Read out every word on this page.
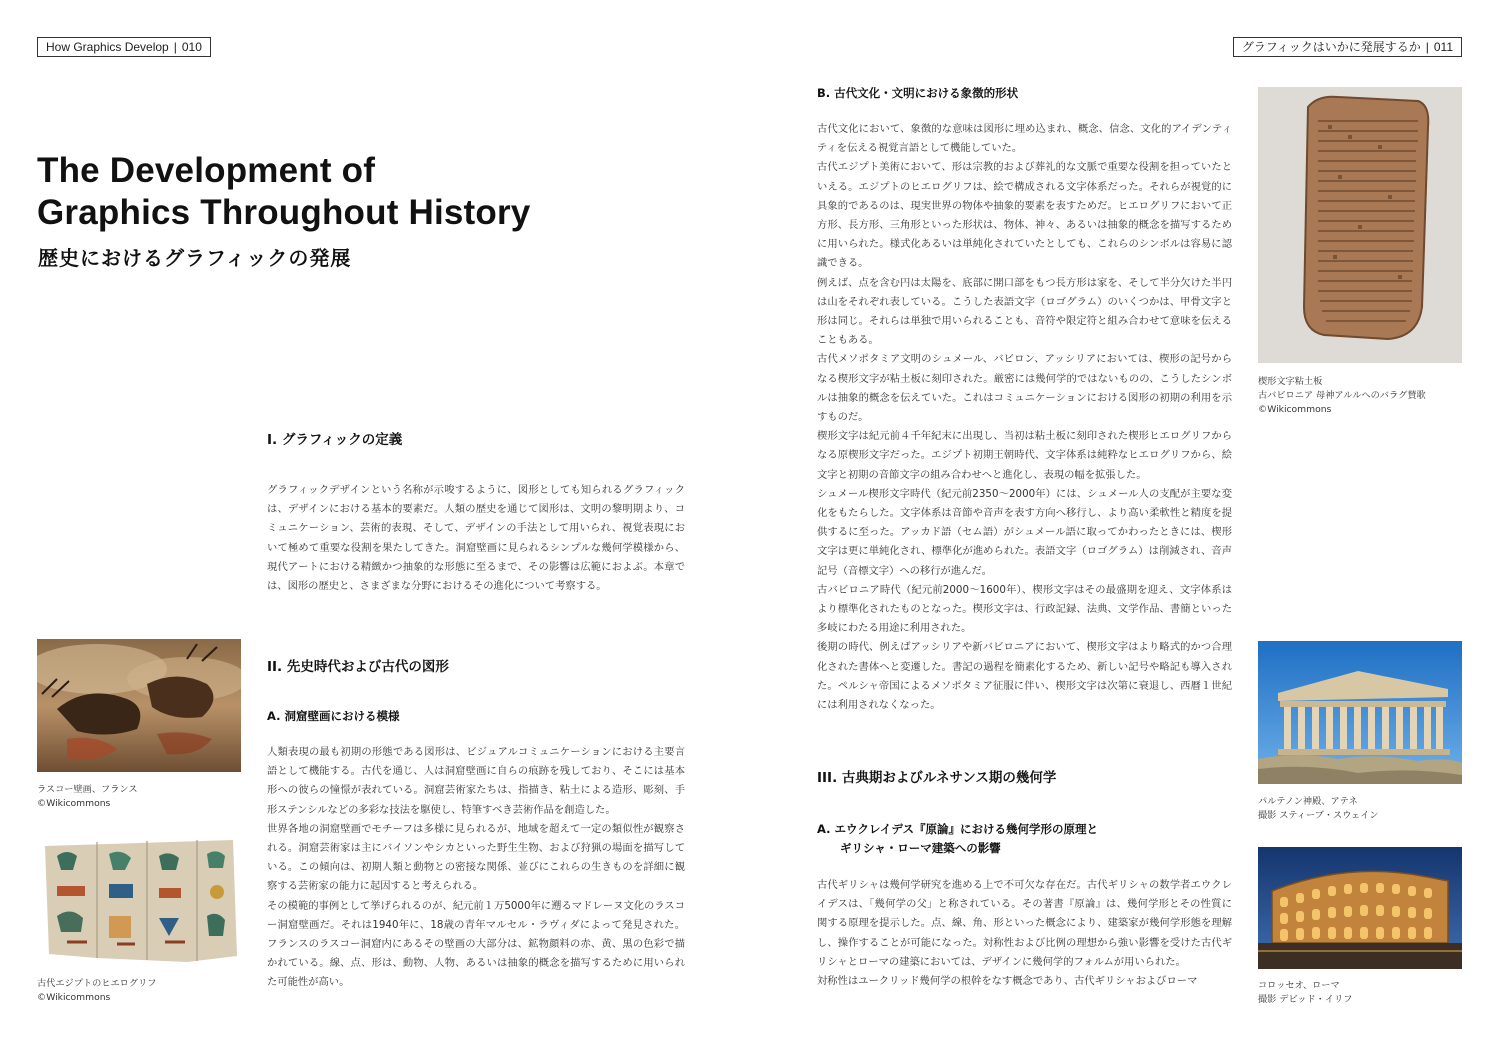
How Graphics Develop | 010
The Development of
Graphics Throughout History
歴史におけるグラフィックの発展
I. グラフィックの定義

グラフィックデザインという名称が示唆するように、図形としても知られるグラフィックは、デザインにおける基本的要素だ。人類の歴史を通じて図形は、文明の黎明期より、コミュニケーション、芸術的表現、そして、デザインの手法として用いられ、視覚表現において極めて重要な役割を果たしてきた。洞窟壁画に見られるシンプルな幾何学模様から、現代アートにおける精緻かつ抽象的な形態に至るまで、その影響は広範におよぶ。本章では、図形の歴史と、さまざまな分野におけるその進化について考察する。

II. 先史時代および古代の図形
A. 洞窟壁画における模様

人類表現の最も初期の形態である図形は、ビジュアルコミュニケーションにおける主要言語として機能する。古代を通じ、人は洞窟壁画に自らの痕跡を残しており、そこには基本形への彼らの憧憬が表れている。洞窟芸術家たちは、指描き、粘土による造形、彫刻、手形ステンシルなどの多彩な技法を駆使し、特筆すべき芸術作品を創造した。

世界各地の洞窟壁画でモチーフは多様に見られるが、地域を超えて一定の類似性が観察される。洞窟芸術家は主にバイソンやシカといった野生生物、および狩猟の場面を描写している。この傾向は、初期人類と動物との密接な関係、並びにこれらの生きものを詳細に観察する芸術家の能力に起因すると考えられる。

その模範的事例として挙げられるのが、紀元前１万5000年に遡るマドレーヌ文化のラスコー洞窟壁画だ。それは1940年に、18歳の青年マルセル・ラヴィダによって発見された。フランスのラスコー洞窟内にあるその壁画の大部分は、鉱物顔料の赤、黄、黒の色彩で描かれている。線、点、形は、動物、人物、あるいは抽象的概念を描写するために用いられた可能性が高い。

ラスコー壁画、フランス
©Wikicommons
古代エジプトのヒエログリフ
©Wikicommons
グラフィックはいかに発展するか | 011
B. 古代文化・文明における象徴的形状

古代文化において、象徴的な意味は図形に埋め込まれ、概念、信念、文化的アイデンティティを伝える視覚言語として機能していた。

古代エジプト美術において、形は宗教的および葬礼的な文脈で重要な役割を担っていたといえる。エジプトのヒエログリフは、絵で構成される文字体系だった。それらが視覚的に具象的であるのは、現実世界の物体や抽象的要素を表すためだ。ヒエログリフにおいて正方形、長方形、三角形といった形状は、物体、神々、あるいは抽象的概念を描写するために用いられた。様式化あるいは単純化されていたとしても、これらのシンボルは容易に認識できる。

例えば、点を含む円は太陽を、底部に開口部をもつ長方形は家を、そして半分欠けた半円は山をそれぞれ表している。こうした表語文字（ロゴグラム）のいくつかは、甲骨文字と形は同じ。それらは単独で用いられることも、音符や限定符と組み合わせて意味を伝えることもある。

古代メソポタミア文明のシュメール、バビロン、アッシリアにおいては、楔形の記号からなる楔形文字が粘土板に刻印された。厳密には幾何学的ではないものの、こうしたシンボルは抽象的概念を伝えていた。これはコミュニケーションにおける図形の初期の利用を示すものだ。

楔形文字は紀元前４千年紀末に出現し、当初は粘土板に刻印された楔形ヒエログリフからなる原楔形文字だった。エジプト初期王朝時代、文字体系は純粋なヒエログリフから、絵文字と初期の音節文字の組み合わせへと進化し、表現の幅を拡張した。

シュメール楔形文字時代（紀元前2350～2000年）には、シュメール人の支配が主要な変化をもたらした。文字体系は音節や音声を表す方向へ移行し、より高い柔軟性と精度を提供するに至った。アッカド語（セム語）がシュメール語に取ってかわったときには、楔形文字は更に単純化され、標準化が進められた。表語文字（ロゴグラム）は削減され、音声記号（音標文字）への移行が進んだ。

古バビロニア時代（紀元前2000～1600年）、楔形文字はその最盛期を迎え、文字体系はより標準化されたものとなった。楔形文字は、行政記録、法典、文学作品、書簡といった多岐にわたる用途に利用された。

後期の時代、例えばアッシリアや新バビロニアにおいて、楔形文字はより略式的かつ合理化された書体へと変遷した。書記の過程を簡素化するため、新しい記号や略記も導入された。ペルシャ帝国によるメソポタミア征服に伴い、楔形文字は次第に衰退し、西暦１世紀には利用されなくなった。

III. 古典期およびルネサンス期の幾何学
A. エウクレイデス『原論』における幾何学形の原理と
ギリシャ・ローマ建築への影響

古代ギリシャは幾何学研究を進める上で不可欠な存在だ。古代ギリシャの数学者エウクレイデスは、「幾何学の父」と称されている。その著書『原論』は、幾何学形とその性質に関する原理を提示した。点、線、角、形といった概念により、建築家が幾何学形態を理解し、操作することが可能になった。対称性および比例の理想から強い影響を受けた古代ギリシャとローマの建築においては、デザインに幾何学的フォルムが用いられた。

対称性はユークリッド幾何学の根幹をなす概念であり、古代ギリシャおよびローマ

楔形文字粘土板
古バビロニア 母神アルルへのバラグ賛歌
©Wikicommons
パルテノン神殿、アテネ
撮影 スティーブ・スウェイン
コロッセオ、ローマ
撮影 デビッド・イリフ
